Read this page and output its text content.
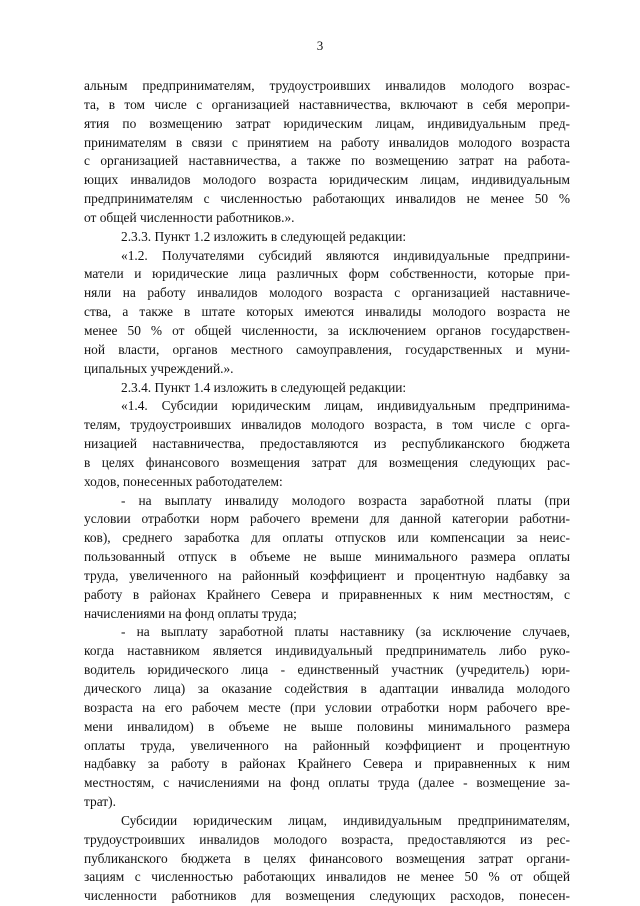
3
альным предпринимателям, трудоустроивших инвалидов молодого возрас-
та, в том числе с организацией наставничества, включают в себя меропри-
ятия по возмещению затрат юридическим лицам, индивидуальным пред-
принимателям в связи с принятием на работу инвалидов молодого возраста
с организацией наставничества, а также по возмещению затрат на работа-
ющих инвалидов молодого возраста юридическим лицам, индивидуальным
предпринимателям с численностью работающих инвалидов не менее 50 %
от общей численности работников.».
2.3.3. Пункт 1.2 изложить в следующей редакции:
«1.2. Получателями субсидий являются индивидуальные предприни-
матели и юридические лица различных форм собственности, которые при-
няли на работу инвалидов молодого возраста с организацией наставниче-
ства, а также в штате которых имеются инвалиды молодого возраста не
менее 50 % от общей численности, за исключением органов государствен-
ной власти, органов местного самоуправления, государственных и муни-
ципальных учреждений.».
2.3.4. Пункт 1.4 изложить в следующей редакции:
«1.4. Субсидии юридическим лицам, индивидуальным предпринима-
телям, трудоустроивших инвалидов молодого возраста, в том числе с орга-
низацией наставничества, предоставляются из республиканского бюджета
в целях финансового возмещения затрат для возмещения следующих рас-
ходов, понесенных работодателем:
- на выплату инвалиду молодого возраста заработной платы (при
условии отработки норм рабочего времени для данной категории работни-
ков), среднего заработка для оплаты отпусков или компенсации за неис-
пользованный отпуск в объеме не выше минимального размера оплаты
труда, увеличенного на районный коэффициент и процентную надбавку за
работу в районах Крайнего Севера и приравненных к ним местностям, с
начислениями на фонд оплаты труда;
- на выплату заработной платы наставнику (за исключение случаев,
когда наставником является индивидуальный предприниматель либо руко-
водитель юридического лица - единственный участник (учредитель) юри-
дического лица) за оказание содействия в адаптации инвалида молодого
возраста на его рабочем месте (при условии отработки норм рабочего вре-
мени инвалидом) в объеме не выше половины минимального размера
оплаты труда, увеличенного на районный коэффициент и процентную
надбавку за работу в районах Крайнего Севера и приравненных к ним
местностям, с начислениями на фонд оплаты труда (далее - возмещение за-
трат).
Субсидии юридическим лицам, индивидуальным предпринимателям,
трудоустроивших инвалидов молодого возраста, предоставляются из рес-
публиканского бюджета в целях финансового возмещения затрат органи-
зациям с численностью работающих инвалидов не менее 50 % от общей
численности работников для возмещения следующих расходов, понесен-
